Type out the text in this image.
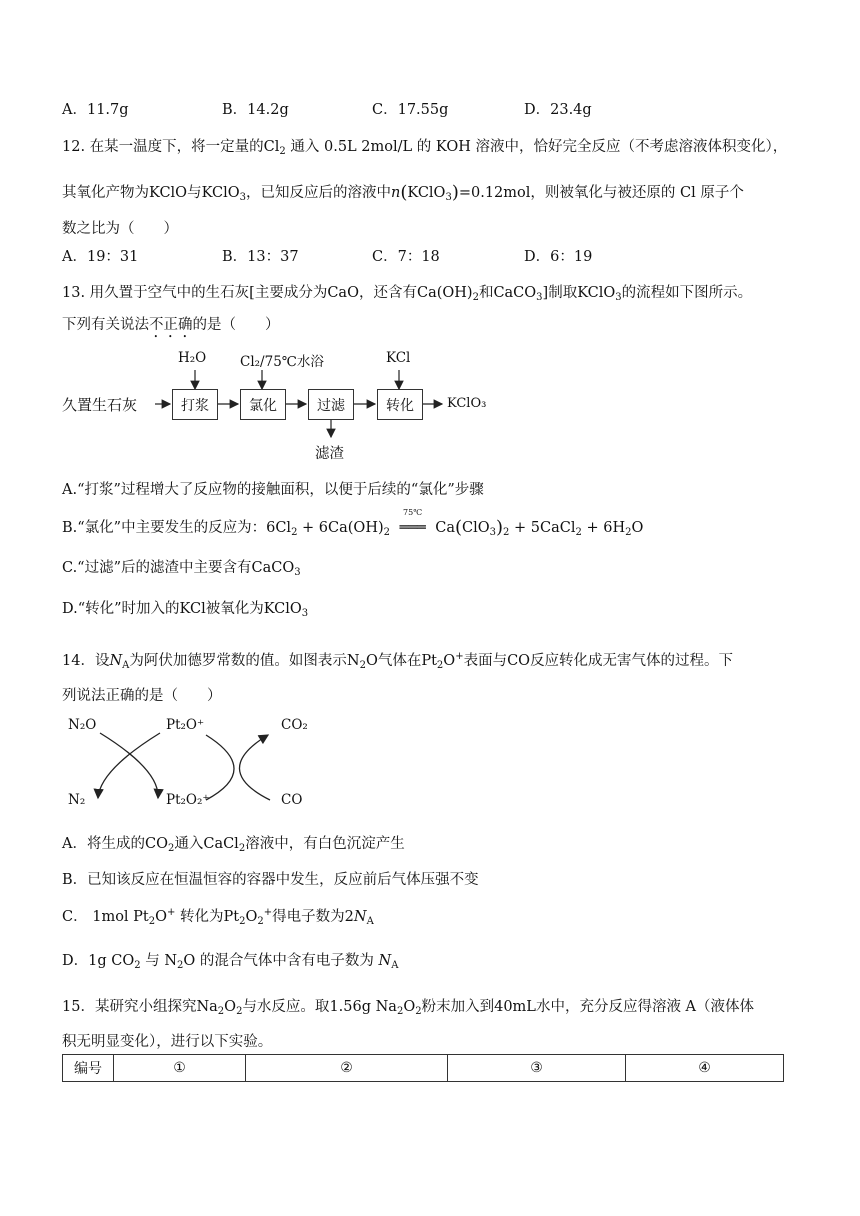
A．11.7g	B．14.2g	C．17.55g	D．23.4g
12. 在某一温度下，将一定量的$Cl_2$ 通入 0.5L 2mol/L 的 KOH 溶液中，恰好完全反应（不考虑溶液体积变化），
其氧化产物为KClO与KClO$_3$，已知反应后的溶液中n(KClO$_3$)=0.12mol，则被氧化与被还原的 Cl 原子个
数之比为（　　）
A．19：31	B．13：37	C．7：18	D．6：19
13. 用久置于空气中的生石灰[主要成分为CaO，还含有$Ca(OH)_2$和CaCO$_3$]制取KClO$_3$的流程如下图所示。
下列有关说法不正确的是（　　）
久置生石灰	打浆	氯化	过滤	转化	KClO₃
H₂O Cl₂/75℃水浴	KCl
滤渣
A.“打浆”过程增大了反应物的接触面积，以便于后续的“氯化”步骤
B.“氯化”中主要发生的反应为：$6Cl_2 + 6Ca(OH)_2$
75℃
═══ $Ca(ClO_3)_2$ + 5CaCl$_2$ + $6H_2O$
C.“过滤”后的滤渣中主要含有CaCO$_3$
D.“转化”时加入的KCl被氧化为KClO$_3$
14．设$N_A$为阿伏加德罗常数的值。如图表示$N_2O$气体在$Pt_2O^+$表面与CO反应转化成无害气体的过程。下
列说法正确的是（　　）
N₂O	Pt₂O⁺	CO₂
N₂	Pt₂O₂⁺	CO
A．将生成的$CO_2$通入CaCl$_2$溶液中，有白色沉淀产生
B．已知该反应在恒温恒容的容器中发生，反应前后气体压强不变
C． 1mol $Pt_2O^+$ 转化为$Pt_2O_2^+$得电子数为$2N_A$
D．1g $CO_2$ 与 $N_2O$ 的混合气体中含有电子数为 $N_A$
15．某研究小组探究$Na_2O_2$与水反应。取1.56g $Na_2O_2$粉末加入到40mL水中，充分反应得溶液 A（液体体
积无明显变化），进行以下实验。
编号	①	②	③	④
